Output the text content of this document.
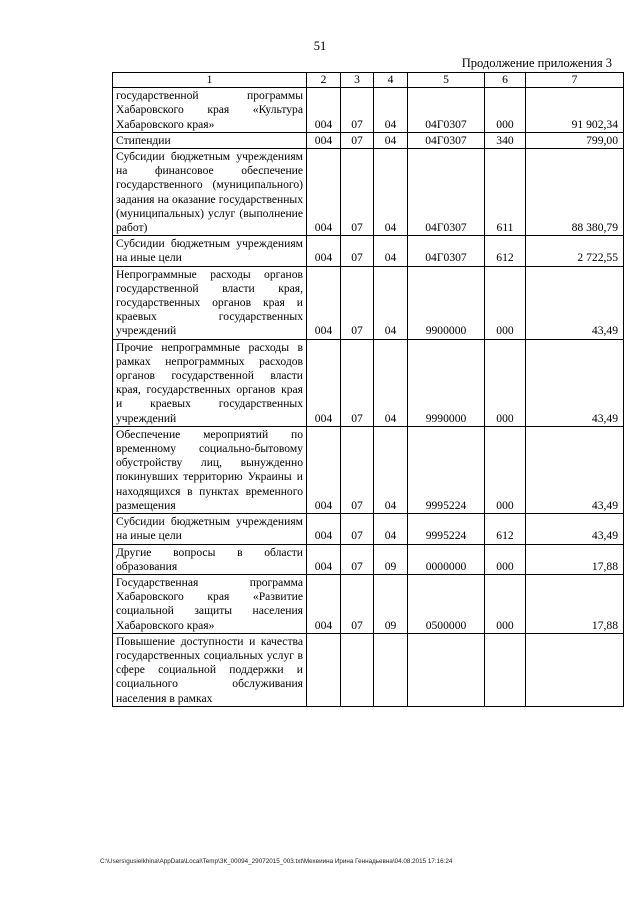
51
Продолжение приложения 3
1	2	3	4	5	6	7
государственной программы Хабаровского края «Культура Хабаровского края»	004	07	04	04Г0307	000	91 902,34
Стипендии	004	07	04	04Г0307	340	799,00
Субсидии бюджетным учреждениям на финансовое обеспечение государственного (муниципального) задания на оказание государственных (муниципальных) услуг (выполнение работ)	004	07	04	04Г0307	611	88 380,79
Субсидии бюджетным учреждениям на иные цели	004	07	04	04Г0307	612	2 722,55
Непрограммные расходы органов государственной власти края, государственных органов края и краевых государственных учреждений	004	07	04	9900000	000	43,49
Прочие непрограммные расходы в рамках непрограммных расходов органов государственной власти края, государственных органов края и краевых государственных учреждений	004	07	04	9990000	000	43,49
Обеспечение мероприятий по временному социально-бытовому обустройству лиц, вынужденно покинувших территорию Украины и находящихся в пунктах временного размещения	004	07	04	9995224	000	43,49
Субсидии бюджетным учреждениям на иные цели	004	07	04	9995224	612	43,49
Другие вопросы в области образования	004	07	09	0000000	000	17,88
Государственная программа Хабаровского края «Развитие социальной защиты населения Хабаровского края»	004	07	09	0500000	000	17,88
Повышение доступности и качества государственных социальных услуг в сфере социальной поддержки и социального обслуживания населения в рамках						
C:\Users\gusielkhina\AppData\Local\Temp\ЗК_00094_29072015_003.txt\Мехеиина Ирина Геннадьевна\04.08.2015 17:16:24
